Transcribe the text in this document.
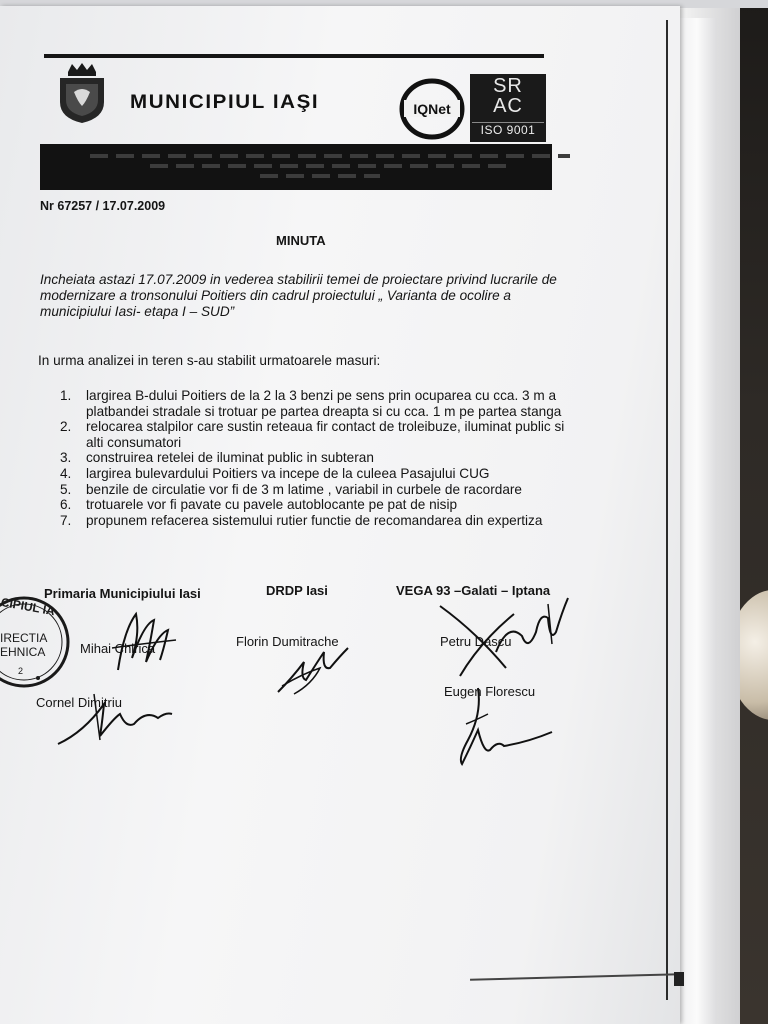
MUNICIPIUL IAŞI	IQNet
SR AC
ISO 9001
Nr 67257 / 17.07.2009
MINUTA
Incheiata astazi 17.07.2009 in vederea stabilirii temei de proiectare privind lucrarile de modernizare a tronsonului Poitiers din cadrul proiectului „ Varianta de ocolire a municipiului Iasi- etapa I – SUD”
In urma analizei in teren s-au stabilit urmatoarele masuri:
1. largirea B-dului Poitiers de la 2 la 3 benzi pe sens prin ocuparea cu cca. 3 m a platbandei stradale si trotuar pe partea dreapta si cu cca. 1 m pe partea stanga
2. relocarea stalpilor care sustin reteaua fir contact de troleibuze, iluminat public si alti consumatori
3. construirea retelei de iluminat public in subteran
4. largirea bulevardului Poitiers va incepe de la culeea Pasajului CUG
5. benzile de circulatie vor fi de 3 m latime , variabil in curbele de racordare
6. trotuarele vor fi pavate cu pavele autoblocante pe pat de nisip
7. propunem refacerea sistemului rutier functie de recomandarea din expertiza
Primaria Municipiului Iasi	DRDP Iasi	VEGA 93 –Galati – Iptana
Mihai Chirica
Cornel Dimitriu
Florin Dumitrache	Petru Dascu
Eugen Florescu
CIPIUL IA
IRECTIA
EHNICA
2
